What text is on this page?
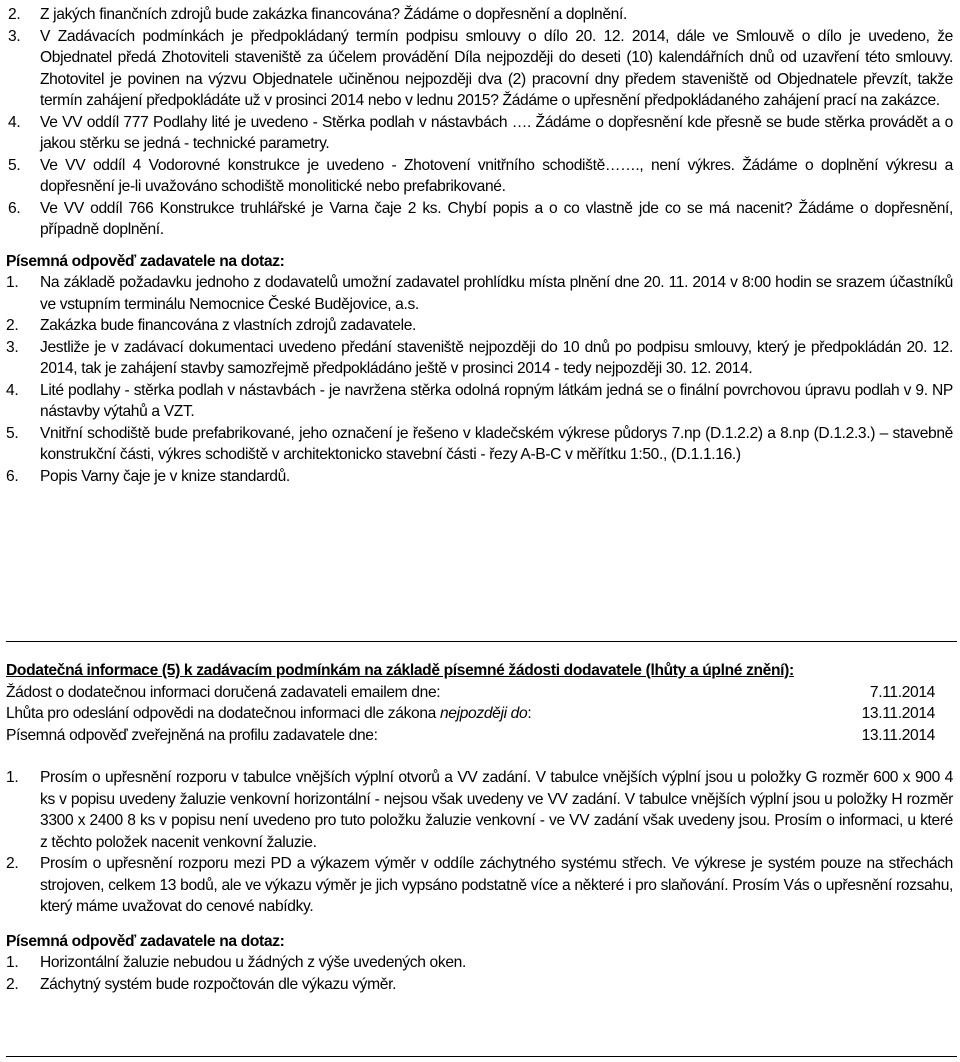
2. Z jakých finančních zdrojů bude zakázka financována? Žádáme o dopřesnění a doplnění.

3. V Zadávacích podmínkách je předpokládaný termín podpisu smlouvy o dílo 20. 12. 2014, dále ve Smlouvě o dílo je uvedeno, že Objednatel předá Zhotoviteli staveniště za účelem provádění Díla nejpozději do deseti (10) kalendářních dnů od uzavření této smlouvy. Zhotovitel je povinen na výzvu Objednatele učiněnou nejpozději dva (2) pracovní dny předem staveniště od Objednatele převzít, takže termín zahájení předpokládáte už v prosinci 2014 nebo v lednu 2015? Žádáme o upřesnění předpokládaného zahájení prací na zakázce.

4. Ve VV oddíl 777 Podlahy lité je uvedeno - Stěrka podlah v nástavbách …. Žádáme o dopřesnění kde přesně se bude stěrka provádět a o jakou stěrku se jedná - technické parametry.

5. Ve VV oddíl 4 Vodorovné konstrukce je uvedeno - Zhotovení vnitřního schodiště……., není výkres. Žádáme o doplnění výkresu a dopřesnění je-li uvažováno schodiště monolitické nebo prefabrikované.

6. Ve VV oddíl 766 Konstrukce truhlářské je Varna čaje 2 ks. Chybí popis a o co vlastně jde co se má nacenit? Žádáme o dopřesnění, případně doplnění.

Písemná odpověď zadavatele na dotaz:

1. Na základě požadavku jednoho z dodavatelů umožní zadavatel prohlídku místa plnění dne 20. 11. 2014 v 8:00 hodin se srazem účastníků ve vstupním terminálu Nemocnice České Budějovice, a.s.

2. Zakázka bude financována z vlastních zdrojů zadavatele.

3. Jestliže je v zadávací dokumentaci uvedeno předání staveniště nejpozději do 10 dnů po podpisu smlouvy, který je předpokládán 20. 12. 2014, tak je zahájení stavby samozřejmě předpokládáno ještě v prosinci 2014 - tedy nejpozději 30. 12. 2014.

4. Lité podlahy - stěrka podlah v nástavbách - je navržena stěrka odolná ropným látkám jedná se o finální povrchovou úpravu podlah v 9. NP nástavby výtahů a VZT.

5. Vnitřní schodiště bude prefabrikované, jeho označení je řešeno v kladečském výkrese půdorys 7.np (D.1.2.2) a 8.np (D.1.2.3.) – stavebně konstrukční části, výkres schodiště v architektonicko stavební části - řezy A-B-C v měřítku 1:50., (D.1.1.16.)

6. Popis Varny čaje je v knize standardů.

Dodatečná informace (5) k zadávacím podmínkám na základě písemné žádosti dodavatele (lhůty a úplné znění):

Žádost o dodatečnou informaci doručená zadavateli emailem dne:	7.11.2014
Lhůta pro odeslání odpovědi na dodatečnou informaci dle zákona nejpozději do:	13.11.2014
Písemná odpověď zveřejněná na profilu zadavatele dne:	13.11.2014

1. Prosím o upřesnění rozporu v tabulce vnějších výplní otvorů a VV zadání. V tabulce vnějších výplní jsou u položky G rozměr 600 x 900 4 ks v popisu uvedeny žaluzie venkovní horizontální - nejsou však uvedeny ve VV zadání. V tabulce vnějších výplní jsou u položky H rozměr 3300 x 2400 8 ks v popisu není uvedeno pro tuto položku žaluzie venkovní - ve VV zadání však uvedeny jsou. Prosím o informaci, u které z těchto položek nacenit venkovní žaluzie.

2. Prosím o upřesnění rozporu mezi PD a výkazem výměr v oddíle záchytného systému střech. Ve výkrese je systém pouze na střechách strojoven, celkem 13 bodů, ale ve výkazu výměr je jich vypsáno podstatně více a některé i pro slaňování. Prosím Vás o upřesnění rozsahu, který máme uvažovat do cenové nabídky.

Písemná odpověď zadavatele na dotaz:

1. Horizontální žaluzie nebudou u žádných z výše uvedených oken.

2. Záchytný systém bude rozpočtován dle výkazu výměr.
